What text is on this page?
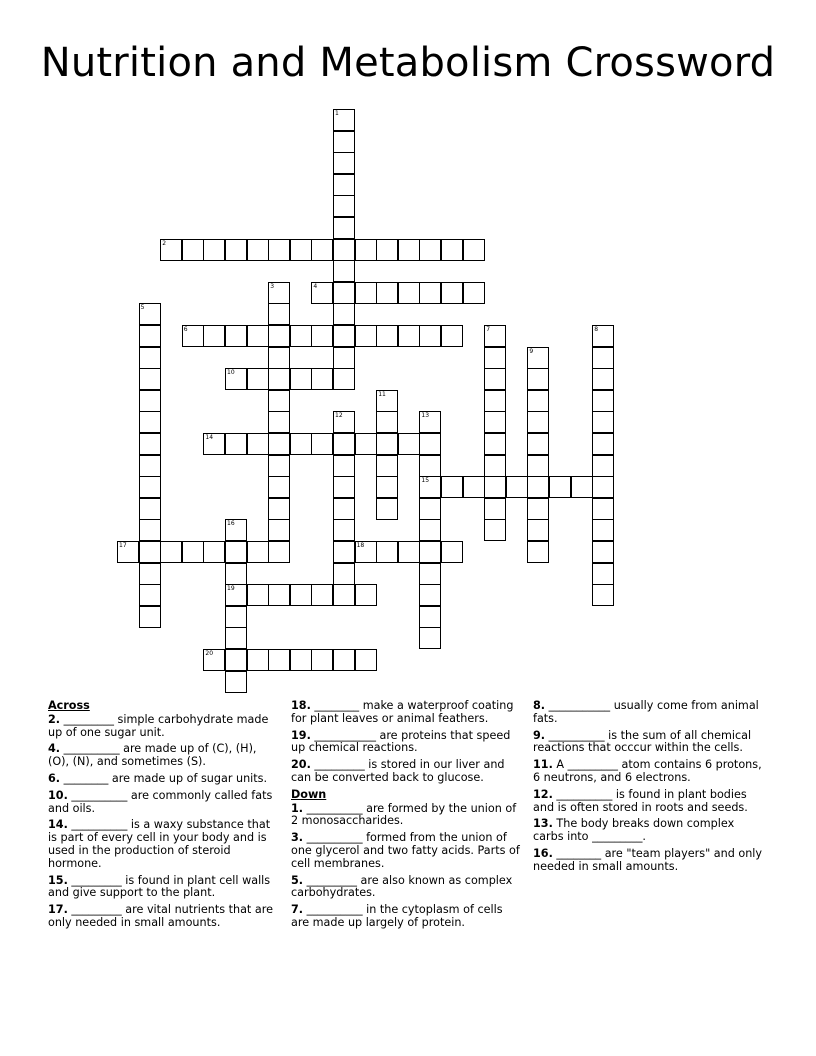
Nutrition and Metabolism Crossword
1
2
3	4
5
6	7	8
9
10
11
12	13
15
14
16
19
17	18
20
Across
2. _________ simple carbohydrate made up of one sugar unit.
4. __________ are made up of (C), (H), (O), (N), and sometimes (S).
6. ________ are made up of sugar units.
10. __________ are commonly called fats and oils.
14. __________ is a waxy substance that is part of every cell in your body and is used in the production of steroid hormone.
15. _________ is found in plant cell walls and give support to the plant.
17. _________ are vital nutrients that are only needed in small amounts.
18. ________ make a waterproof coating for plant leaves or animal feathers.
19. ___________ are proteins that speed up chemical reactions.
20. _________ is stored in our liver and can be converted back to glucose.
Down
1. __________ are formed by the union of 2 monosaccharides.
3. __________ formed from the union of one glycerol and two fatty acids. Parts of cell membranes.
5. _________ are also known as complex carbohydrates.
7. __________ in the cytoplasm of cells are made up largely of protein.
8. ___________ usually come from animal fats.
9. __________ is the sum of all chemical reactions that occcur within the cells.
11. A _________ atom contains 6 protons, 6 neutrons, and 6 electrons.
12. __________ is found in plant bodies and is often stored in roots and seeds.
13. The body breaks down complex carbs into _________.
16. ________ are "team players" and only needed in small amounts.
